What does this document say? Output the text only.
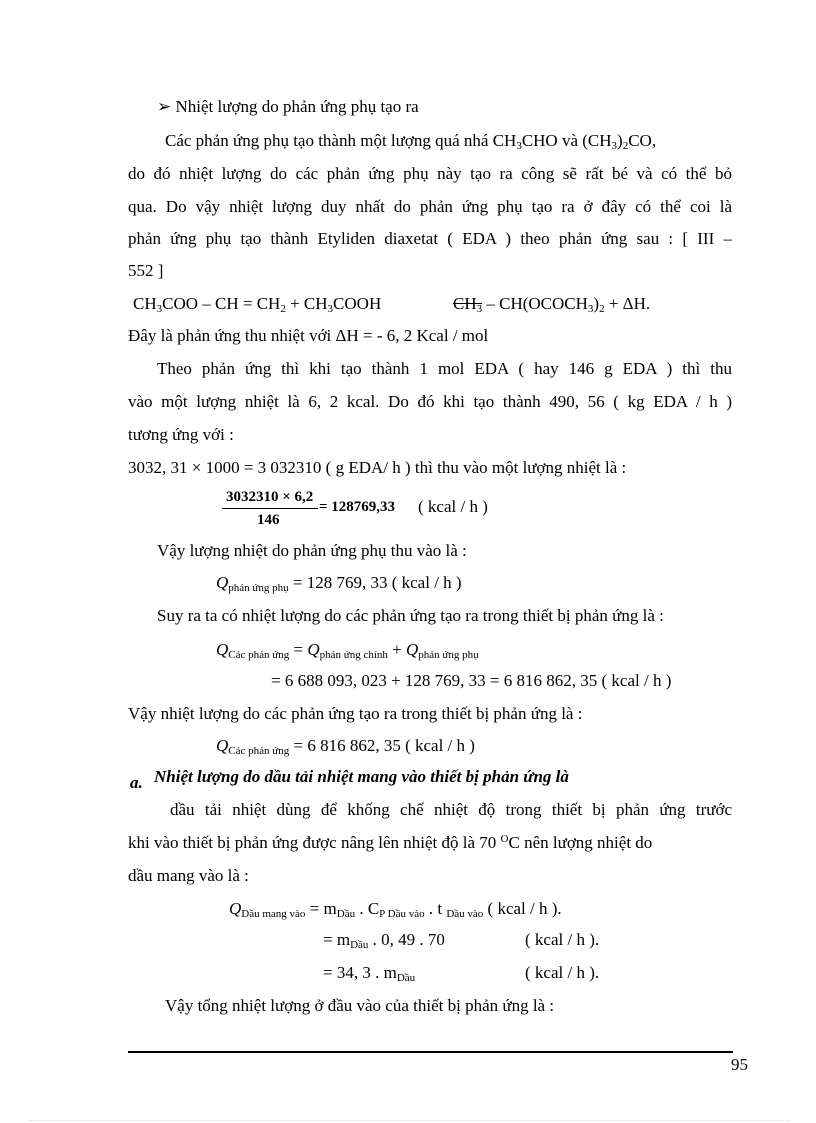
➢ Nhiệt lượng do phản ứng phụ tạo ra
Các phản ứng phụ tạo thành một lượng quá nhá $CH_3CHO$ và $(CH_3)_2CO$,
do đó nhiệt lượng do các phản ứng phụ này tạo ra công sẽ rất bé và có thể bỏ
qua. Do vậy nhiệt lượng duy nhất do phản ứng phụ tạo ra ở đây có thể coi là
phản ứng phụ tạo thành Etyliden diaxetat ( EDA ) theo phản ứng sau : [ III –
552 ]
$CH_3COO$ – CH = $CH_2$ + $CH_3COOH$	$CH_3$ – $CH(OCOCH_3)_2 + \Delta H$.
Đây là phản ứng thu nhiệt với ΔH = - 6, 2 Kcal / mol
Theo phản ứng thì khi tạo thành 1 mol EDA ( hay 146 g EDA ) thì thu
vào một lượng nhiệt là 6, 2 kcal. Do đó khi tạo thành 490, 56 ( kg EDA / h )
tương ứng với :
3032, 31 × 1000 = 3 032310 ( g EDA/ h ) thì thu vào một lượng nhiệt là :
3032310 × 6,2
146
= 128769,33 ( kcal / h )
Vậy lượng nhiệt do phản ứng phụ thu vào là :
$Q_{phản ứng phụ} = 128$ 769, 33 ( kcal / h )
Suy ra ta có nhiệt lượng do các phản ứng tạo ra trong thiết bị phản ứng là :
$Q_{Các phản ứng} = Q_{phản ứng chính} + Q_{phản ứng phụ}$
= 6 688 093, 023 + 128 769, 33 = 6 816 862, 35 ( kcal / h )
Vậy nhiệt lượng do các phản ứng tạo ra trong thiết bị phản ứng là :
$Q_{Các phản ứng} = 6$ 816 862, 35 ( kcal / h )
a. Nhiệt lượng do dầu tải nhiệt mang vào thiết bị phản ứng là
dầu tải nhiệt dùng để khống chế nhiệt độ trong thiết bị phản ứng trước
khi vào thiết bị phản ứng được nâng lên nhiệt độ là 70 $^O$C nên lượng nhiệt do
dầu mang vào là :
$Q_{Dầu mang vào} = m_{Dầu}$ . $C_{P Dầu vào}$ . t $_{Dầu vào}$ ( kcal / h ).
= $m_{Dầu}$ . 0, 49 . 70	( kcal / h ).
= 34, 3 . $m_{Dầu}$	( kcal / h ).
Vậy tổng nhiệt lượng ở đầu vào của thiết bị phản ứng là :
95
